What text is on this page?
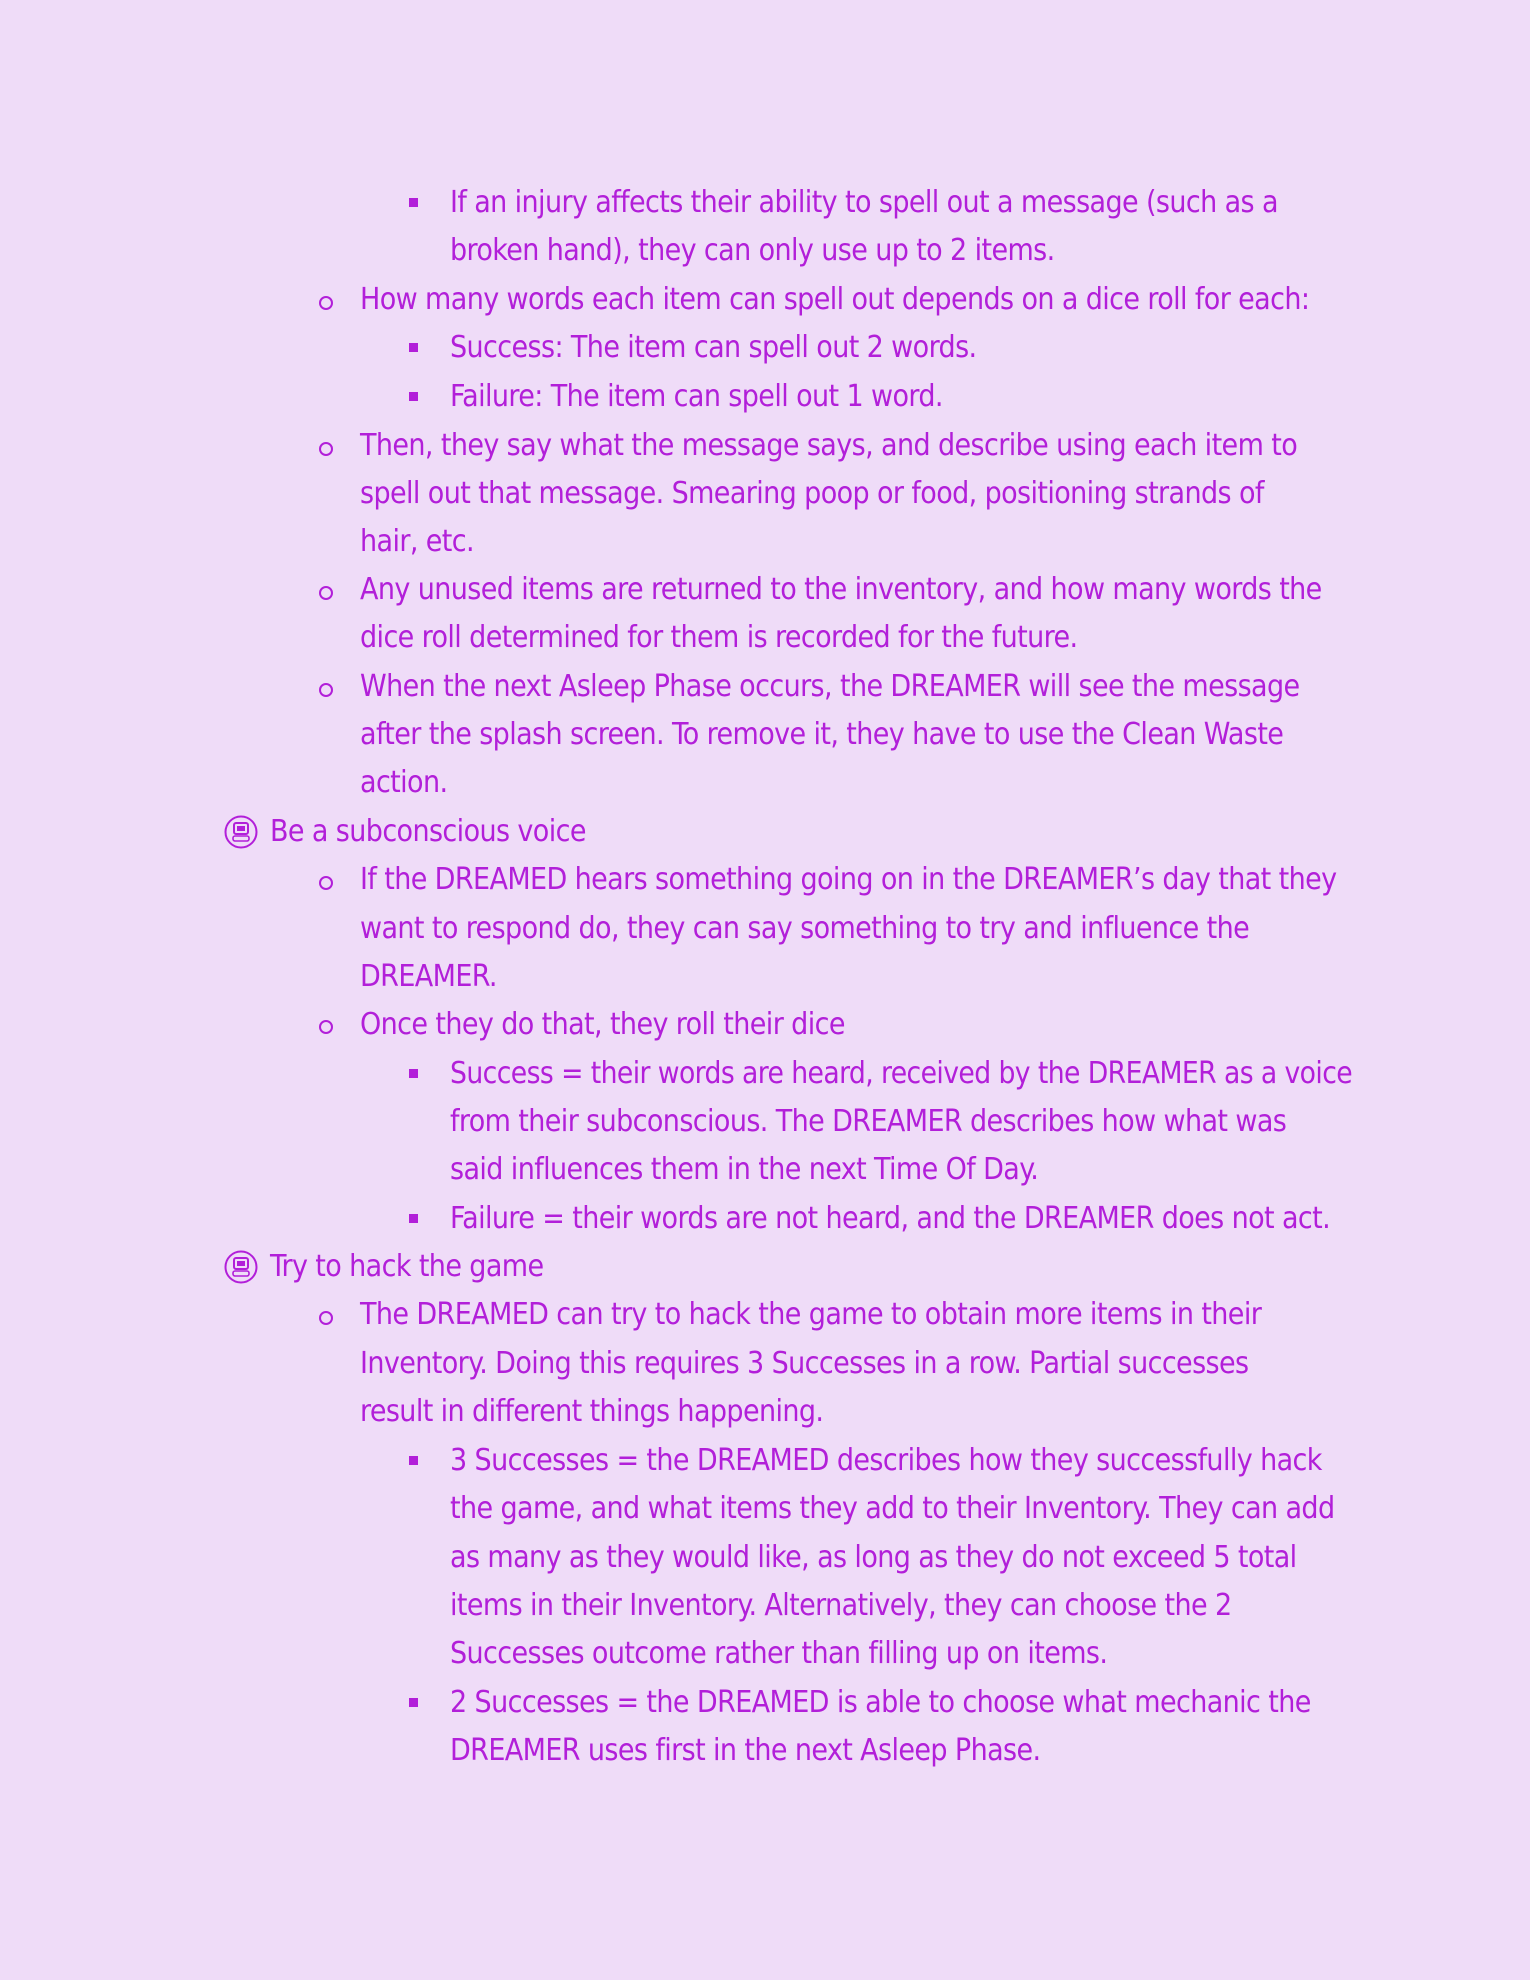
If an injury affects their ability to spell out a message (such as a
broken hand), they can only use up to 2 items.
How many words each item can spell out depends on a dice roll for each:
Success: The item can spell out 2 words.
Failure: The item can spell out 1 word.
Then, they say what the message says, and describe using each item to
spell out that message. Smearing poop or food, positioning strands of
hair, etc.
Any unused items are returned to the inventory, and how many words the
dice roll determined for them is recorded for the future.
When the next Asleep Phase occurs, the DREAMER will see the message
after the splash screen. To remove it, they have to use the Clean Waste
action.
Be a subconscious voice
If the DREAMED hears something going on in the DREAMER’s day that they
want to respond do, they can say something to try and influence the
DREAMER.
Once they do that, they roll their dice
Success = their words are heard, received by the DREAMER as a voice
from their subconscious. The DREAMER describes how what was
said influences them in the next Time Of Day.
Failure = their words are not heard, and the DREAMER does not act.
Try to hack the game
The DREAMED can try to hack the game to obtain more items in their
Inventory. Doing this requires 3 Successes in a row. Partial successes
result in different things happening.
3 Successes = the DREAMED describes how they successfully hack
the game, and what items they add to their Inventory. They can add
as many as they would like, as long as they do not exceed 5 total
items in their Inventory. Alternatively, they can choose the 2
Successes outcome rather than filling up on items.
2 Successes = the DREAMED is able to choose what mechanic the
DREAMER uses first in the next Asleep Phase.
